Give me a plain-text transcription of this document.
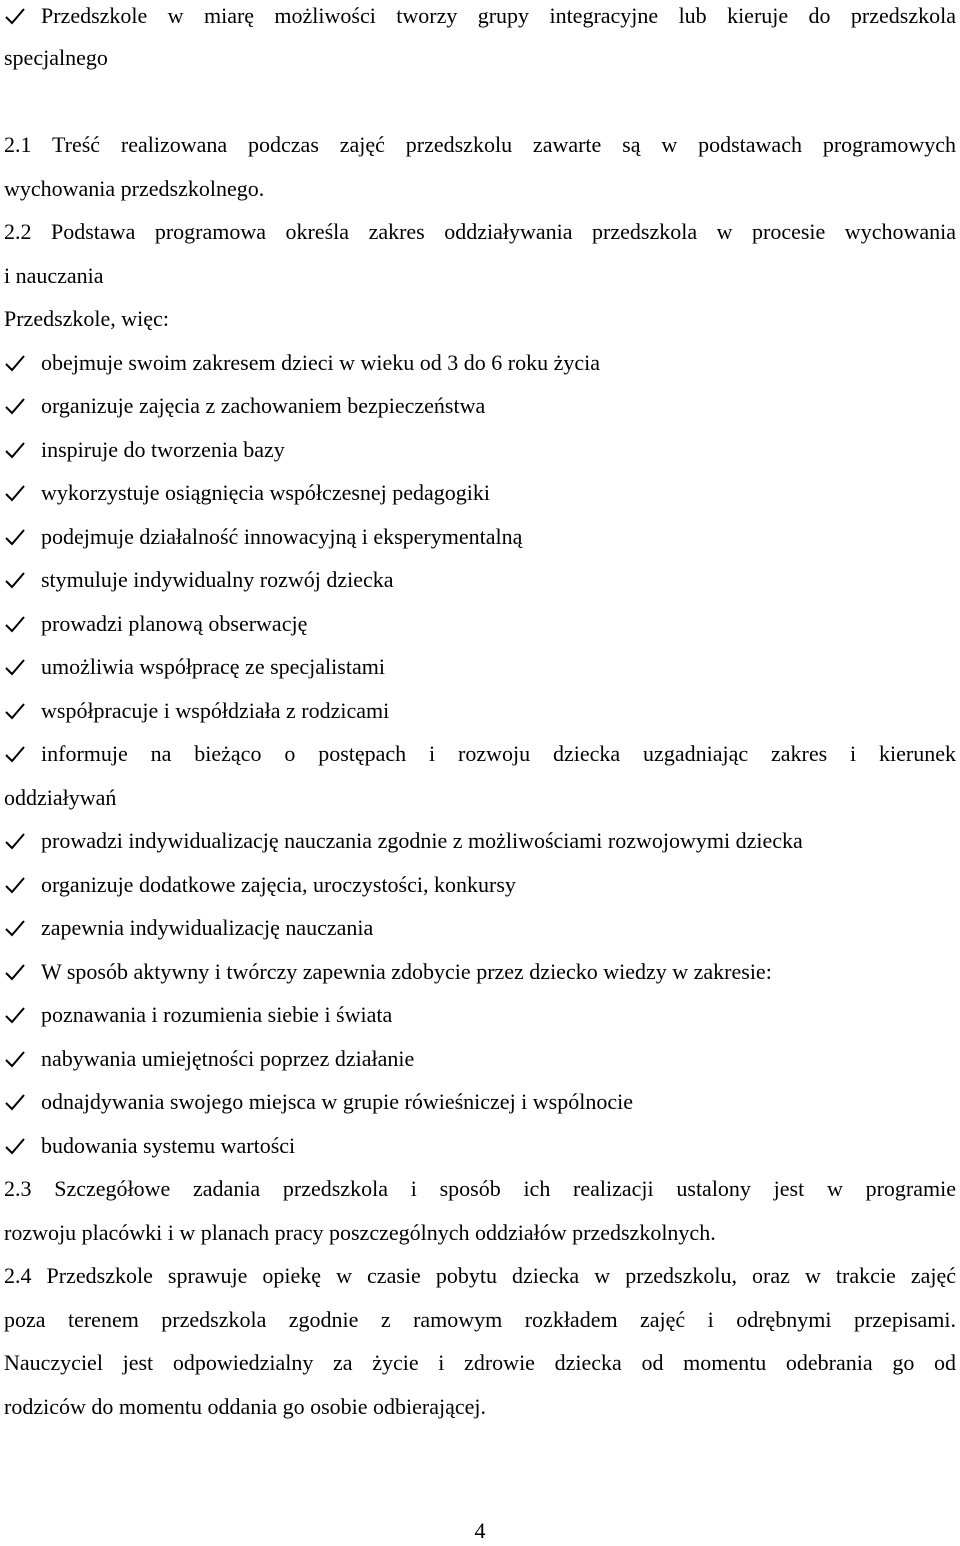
Przedszkole w miarę możliwości tworzy grupy integracyjne lub kieruje do przedszkola
specjalnego
2.1 Treść realizowana podczas zajęć przedszkolu zawarte są w podstawach programowych
wychowania przedszkolnego.
2.2 Podstawa programowa określa zakres oddziaływania przedszkola w procesie wychowania
i nauczania
Przedszkole, więc:
obejmuje swoim zakresem dzieci w wieku od 3 do 6 roku życia
organizuje zajęcia z zachowaniem bezpieczeństwa
inspiruje do tworzenia bazy
wykorzystuje osiągnięcia współczesnej pedagogiki
podejmuje działalność innowacyjną i eksperymentalną
stymuluje indywidualny rozwój dziecka
prowadzi planową obserwację
umożliwia współpracę ze specjalistami
współpracuje i współdziała z rodzicami
informuje na bieżąco o postępach i rozwoju dziecka uzgadniając zakres i kierunek
oddziaływań
prowadzi indywidualizację nauczania zgodnie z możliwościami rozwojowymi dziecka
organizuje dodatkowe zajęcia, uroczystości, konkursy
zapewnia indywidualizację nauczania
W sposób aktywny i twórczy zapewnia zdobycie przez dziecko wiedzy w zakresie:
poznawania i rozumienia siebie i świata
nabywania umiejętności poprzez działanie
odnajdywania swojego miejsca w grupie rówieśniczej i wspólnocie
budowania systemu wartości
2.3 Szczegółowe zadania przedszkola i sposób ich realizacji ustalony jest w programie
rozwoju placówki i w planach pracy poszczególnych oddziałów przedszkolnych.
2.4 Przedszkole sprawuje opiekę w czasie pobytu dziecka w przedszkolu, oraz w trakcie zajęć
poza terenem przedszkola zgodnie z ramowym rozkładem zajęć i odrębnymi przepisami.
Nauczyciel jest odpowiedzialny za życie i zdrowie dziecka od momentu odebrania go od
rodziców do momentu oddania go osobie odbierającej.
4
